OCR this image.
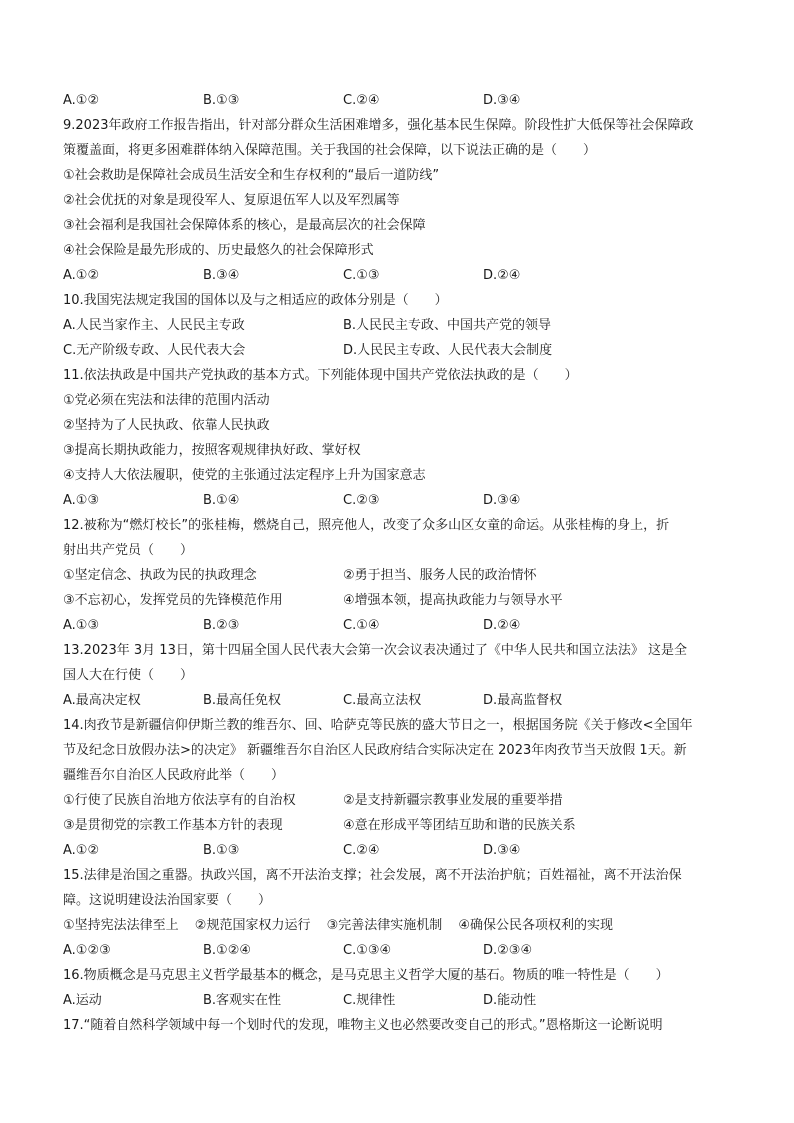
A.①②	B.①③	C.②④	D.③④
9.2023年政府工作报告指出，针对部分群众生活困难增多，强化基本民生保障。阶段性扩大低保等社会保障政
策覆盖面，将更多困难群体纳入保障范围。关于我国的社会保障，以下说法正确的是（　　）
①社会救助是保障社会成员生活安全和生存权利的“最后一道防线”
②社会优抚的对象是现役军人、复原退伍军人以及军烈属等
③社会福利是我国社会保障体系的核心，是最高层次的社会保障
④社会保险是最先形成的、历史最悠久的社会保障形式
A.①②	B.③④	C.①③	D.②④
10.我国宪法规定我国的国体以及与之相适应的政体分别是（　　）
A.人民当家作主、人民民主专政	B.人民民主专政、中国共产党的领导
C.无产阶级专政、人民代表大会	D.人民民主专政、人民代表大会制度
11.依法执政是中国共产党执政的基本方式。下列能体现中国共产党依法执政的是（　　）
①党必须在宪法和法律的范围内活动
②坚持为了人民执政、依靠人民执政
③提高长期执政能力，按照客观规律执好政、掌好权
④支持人大依法履职，使党的主张通过法定程序上升为国家意志
A.①③	B.①④	C.②③	D.③④
12.被称为“燃灯校长”的张桂梅，燃烧自己，照亮他人，改变了众多山区女童的命运。从张桂梅的身上，折
射出共产党员（　　）
①坚定信念、执政为民的执政理念	②勇于担当、服务人民的政治情怀
③不忘初心，发挥党员的先锋模范作用	④增强本领，提高执政能力与领导水平
A.①③	B.②③	C.①④	D.②④
13.2023年 3月 13日，第十四届全国人民代表大会第一次会议表决通过了《中华人民共和国立法法》 这是全
国人大在行使（　　）
A.最高决定权	B.最高任免权	C.最高立法权	D.最高监督权
14.肉孜节是新疆信仰伊斯兰教的维吾尔、回、哈萨克等民族的盛大节日之一，根据国务院《关于修改<全国年
节及纪念日放假办法>的决定》 新疆维吾尔自治区人民政府结合实际决定在 2023年肉孜节当天放假 1天。新
疆维吾尔自治区人民政府此举（　　）
①行使了民族自治地方依法享有的自治权	②是支持新疆宗教事业发展的重要举措
③是贯彻党的宗教工作基本方针的表现	④意在形成平等团结互助和谐的民族关系
A.①②	B.①③	C.②④	D.③④
15.法律是治国之重器。执政兴国，离不开法治支撑；社会发展，离不开法治护航；百姓福祉，离不开法治保
障。这说明建设法治国家要（　　）
①坚持宪法法律至上 ②规范国家权力运行 ③完善法律实施机制 ④确保公民各项权利的实现
A.①②③	B.①②④	C.①③④	D.②③④
16.物质概念是马克思主义哲学最基本的概念，是马克思主义哲学大厦的基石。物质的唯一特性是（　　）
A.运动	B.客观实在性	C.规律性	D.能动性
17.“随着自然科学领域中每一个划时代的发现，唯物主义也必然要改变自己的形式。”恩格斯这一论断说明
